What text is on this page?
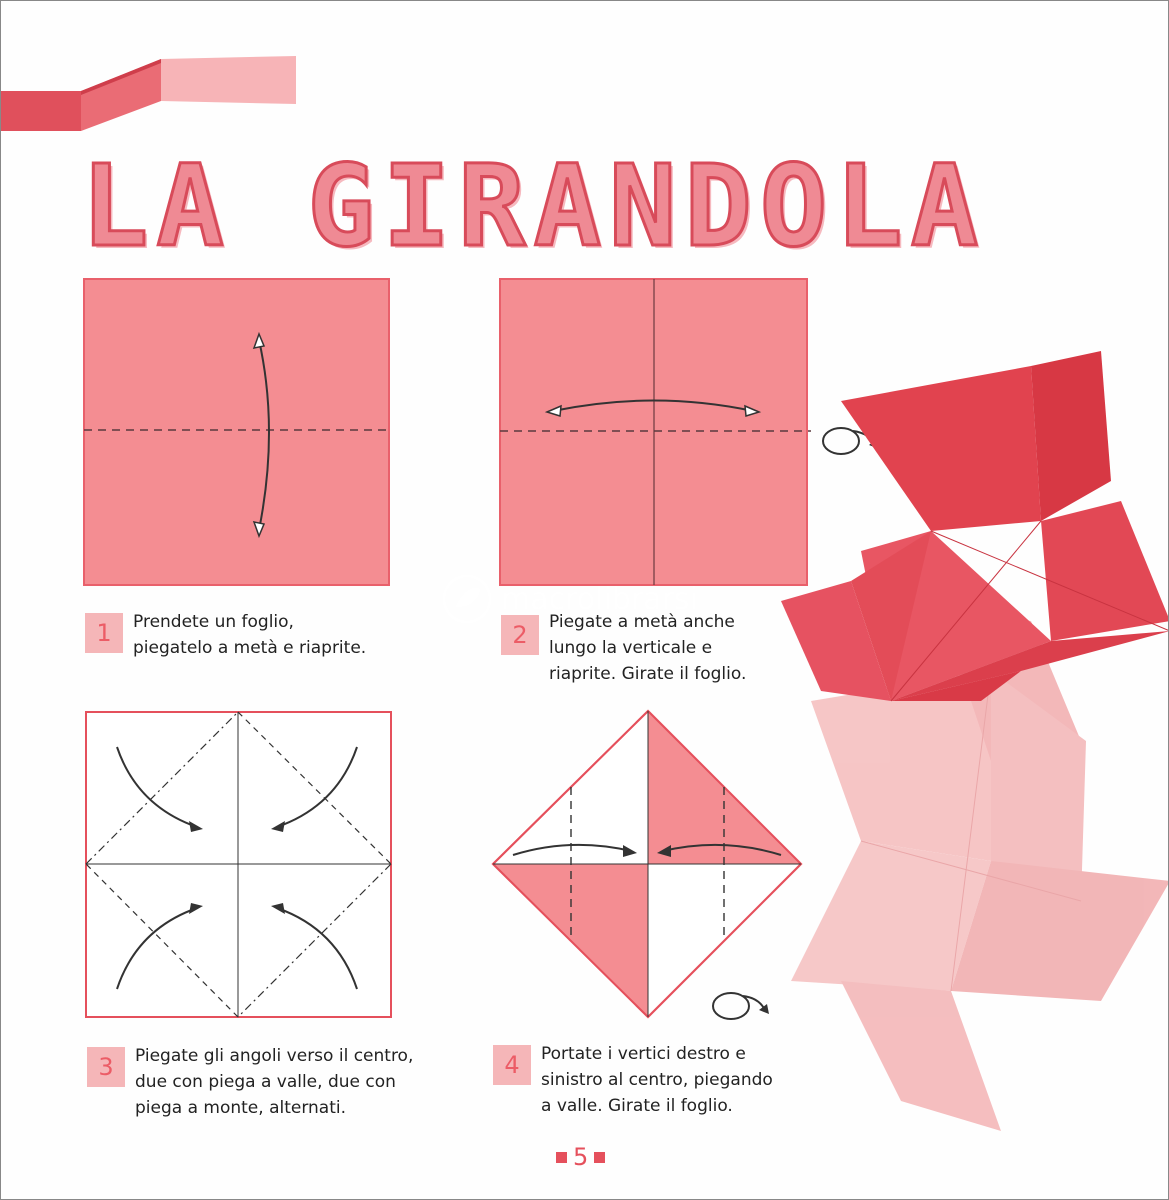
LA GIRANDOLA
1	Prendete un foglio,
piegatelo a metà e riaprite.	2	Piegate a metà anche
lungo la verticale e
riaprite. Girate il foglio.

macrolibrarsi
3	Piegate gli angoli verso il centro,
due con piega a valle, due con
piega a monte, alternati.

4	Portate i vertici destro e
sinistro al centro, piegando
a valle. Girate il foglio.

5
